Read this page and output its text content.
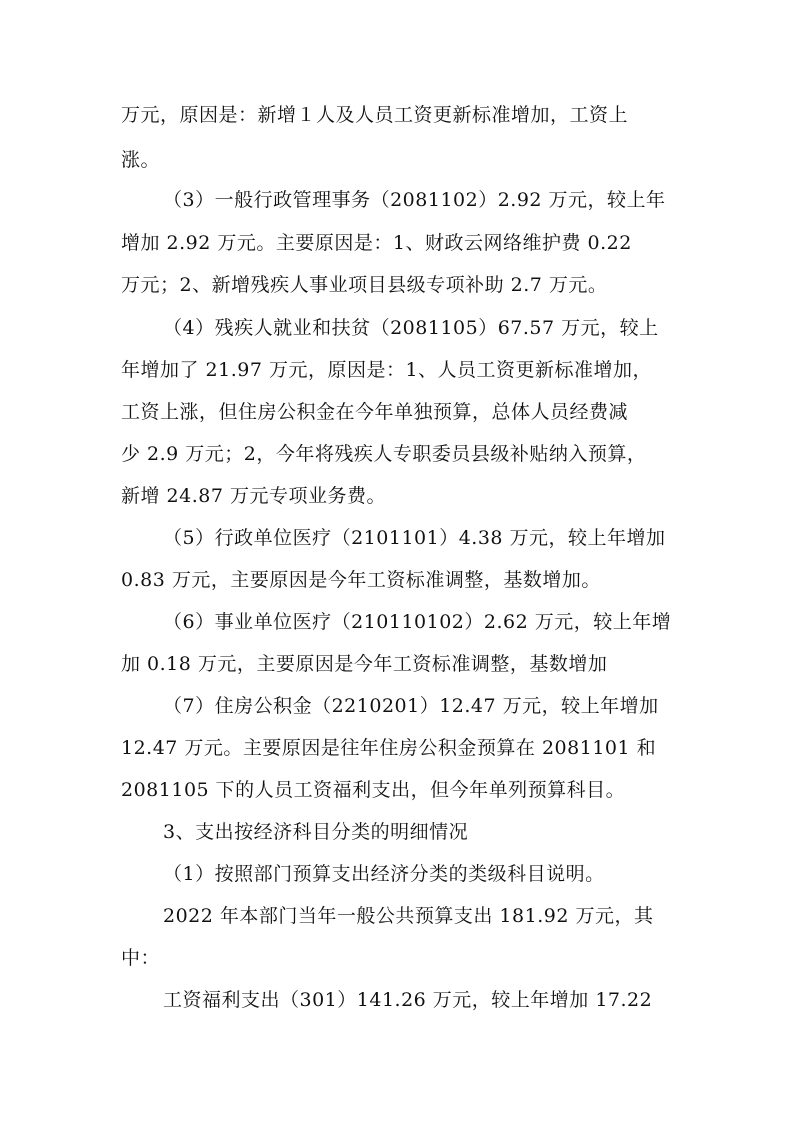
万元，原因是：新增１人及人员工资更新标准增加，工资上
涨。
（3）一般行政管理事务（2081102）2.92 万元，较上年
增加 2.92 万元。主要原因是：1、财政云网络维护费 0.22
万元；2、新增残疾人事业项目县级专项补助 2.7 万元。
（4）残疾人就业和扶贫（2081105）67.57 万元，较上
年增加了 21.97 万元，原因是：1、人员工资更新标准增加，
工资上涨，但住房公积金在今年单独预算，总体人员经费减
少 2.9 万元；2，今年将残疾人专职委员县级补贴纳入预算，
新增 24.87 万元专项业务费。
（5）行政单位医疗（2101101）4.38 万元，较上年增加
0.83 万元，主要原因是今年工资标准调整，基数增加。
（6）事业单位医疗（210110102）2.62 万元，较上年增
加 0.18 万元，主要原因是今年工资标准调整，基数增加
（7）住房公积金（2210201）12.47 万元，较上年增加
12.47 万元。主要原因是往年住房公积金预算在 2081101 和
2081105 下的人员工资福利支出，但今年单列预算科目。
3、支出按经济科目分类的明细情况
（1）按照部门预算支出经济分类的类级科目说明。
2022 年本部门当年一般公共预算支出 181.92 万元，其
中：
工资福利支出（301）141.26 万元，较上年增加 17.22
